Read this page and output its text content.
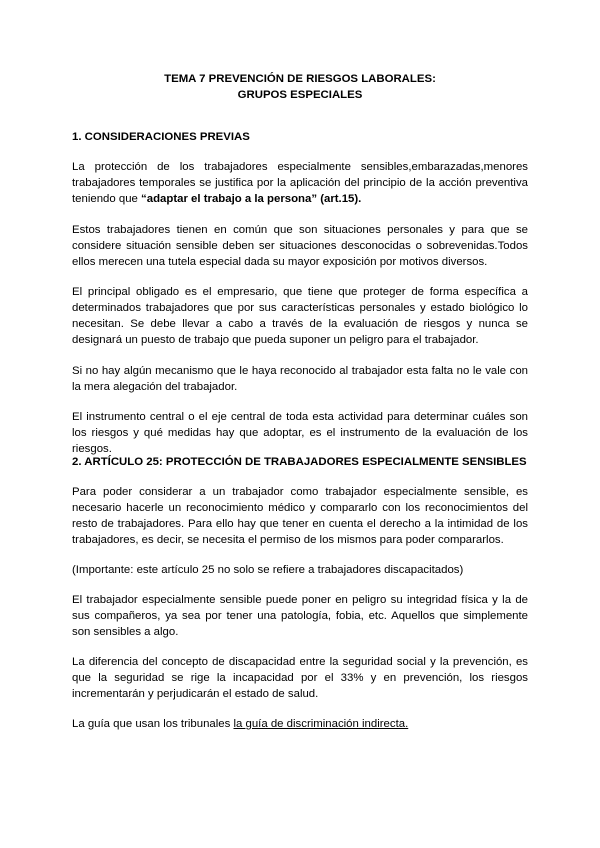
TEMA 7 PREVENCIÓN DE RIESGOS LABORALES:
GRUPOS ESPECIALES
1. CONSIDERACIONES PREVIAS
La protección de los trabajadores especialmente sensibles,embarazadas,menores trabajadores temporales se justifica por la aplicación del principio de la acción preventiva teniendo que “adaptar el trabajo a la persona” (art.15).
Estos trabajadores tienen en común que son situaciones personales y para que se considere situación sensible deben ser situaciones desconocidas o sobrevenidas.Todos ellos merecen una tutela especial dada su mayor exposición por motivos diversos.
El principal obligado es el empresario, que tiene que proteger de forma específica a determinados trabajadores que por sus características personales y estado biológico lo necesitan. Se debe llevar a cabo a través de la evaluación de riesgos y nunca se designará un puesto de trabajo que pueda suponer un peligro para el trabajador.
Si no hay algún mecanismo que le haya reconocido al trabajador esta falta no le vale con la mera alegación del trabajador.
El instrumento central o el eje central de toda esta actividad para determinar cuáles son los riesgos y qué medidas hay que adoptar, es el instrumento de la evaluación de los riesgos.
2. ARTÍCULO 25: PROTECCIÓN DE TRABAJADORES ESPECIALMENTE SENSIBLES
Para poder considerar a un trabajador como trabajador especialmente sensible, es necesario hacerle un reconocimiento médico y compararlo con los reconocimientos del resto de trabajadores. Para ello hay que tener en cuenta el derecho a la intimidad de los trabajadores, es decir, se necesita el permiso de los mismos para poder compararlos.
(Importante: este artículo 25 no solo se refiere a trabajadores discapacitados)
El trabajador especialmente sensible puede poner en peligro su integridad física y la de sus compañeros, ya sea por tener una patología, fobia, etc. Aquellos que simplemente son sensibles a algo.
La diferencia del concepto de discapacidad entre la seguridad social y la prevención, es que la seguridad se rige la incapacidad por el 33% y en prevención, los riesgos incrementarán y perjudicarán el estado de salud.
La guía que usan los tribunales la guía de discriminación indirecta.
